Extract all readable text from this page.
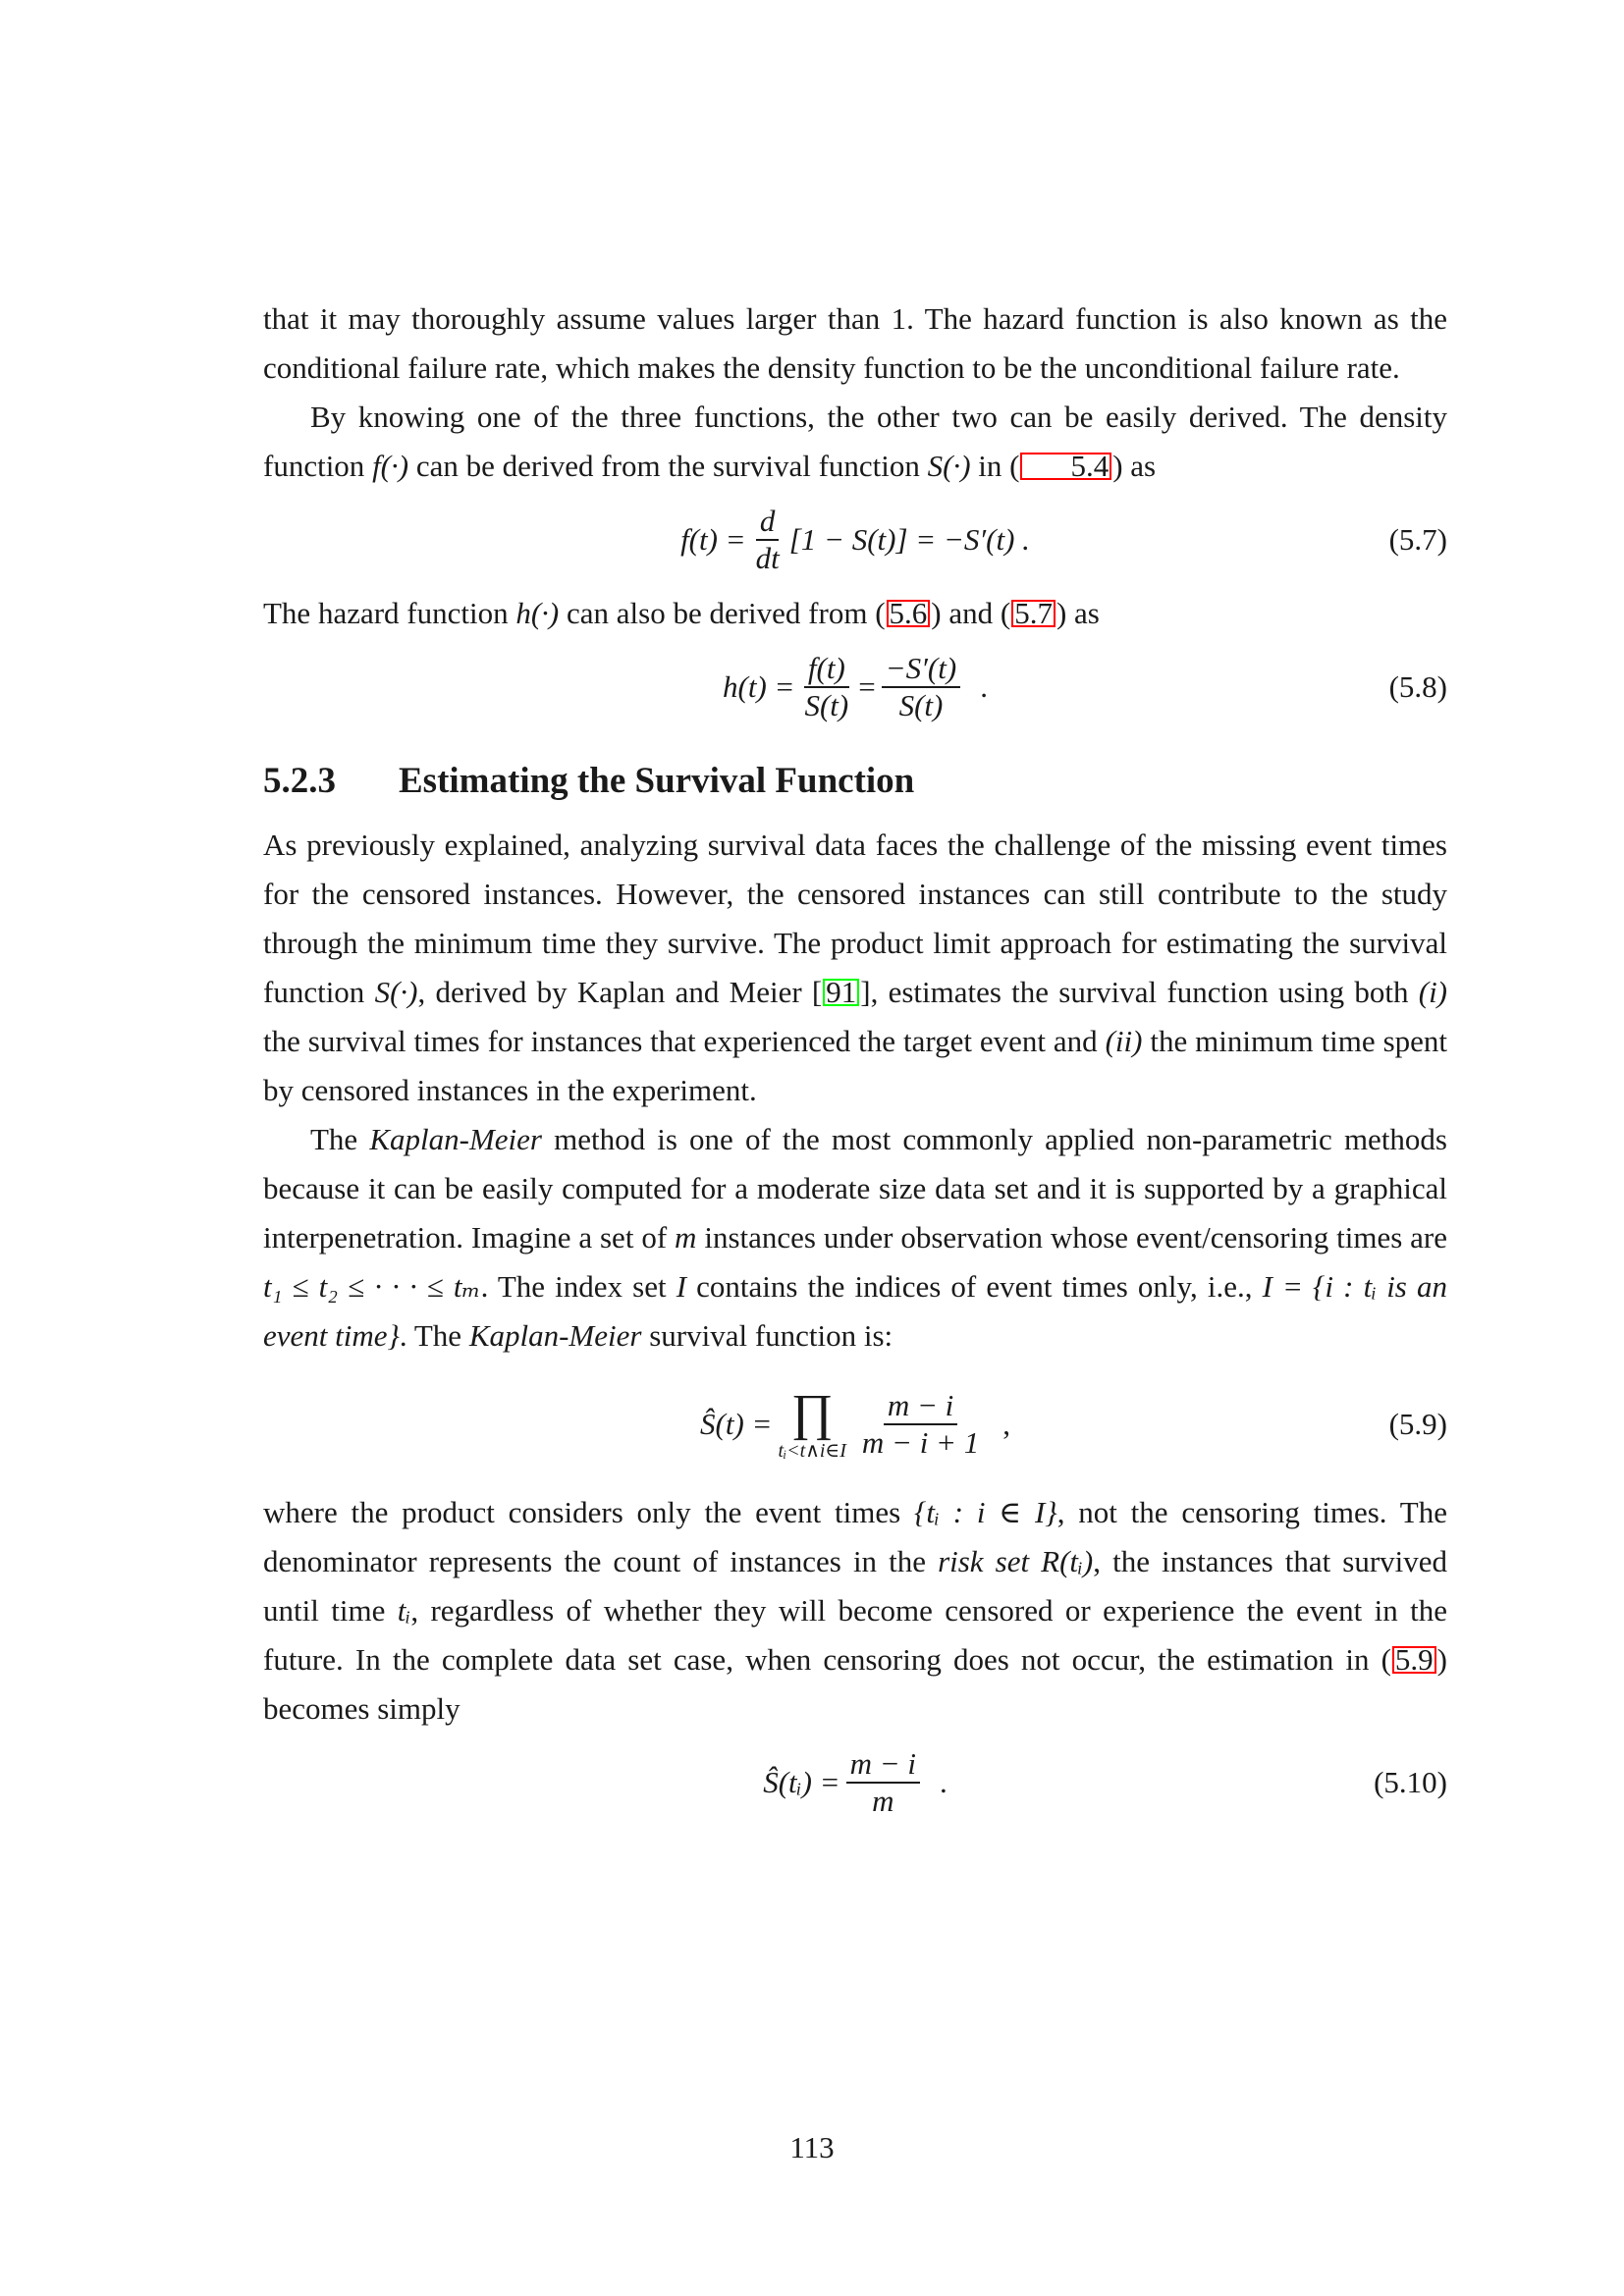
that it may thoroughly assume values larger than 1. The hazard function is also known as the conditional failure rate, which makes the density function to be the unconditional failure rate.

By knowing one of the three functions, the other two can be easily derived. The density function f(·) can be derived from the survival function S(·) in ( 5.4 ) as

$f(t) = \frac{d}{dt} [1 - S(t)] = -S'(t)$ .	(5.7)

The hazard function h(·) can also be derived from ( 5.6 ) and ( 5.7 ) as

$h(t) = \frac{f(t)}{S(t)} = \frac{-S'(t)}{S(t)}$ .	(5.8)
5.2.3 Estimating the Survival Function

As previously explained, analyzing survival data faces the challenge of the missing event times for the censored instances. However, the censored instances can still contribute to the study through the minimum time they survive. The product limit approach for estimating the survival function S(·), derived by Kaplan and Meier [ 91 ], estimates the survival function using both (i) the survival times for instances that experienced the target event and (ii) the minimum time spent by censored instances in the experiment.

The Kaplan-Meier method is one of the most commonly applied non-parametric methods because it can be easily computed for a moderate size data set and it is supported by a graphical interpenetration. Imagine a set of m instances under observation whose event/censoring times are t₁ ≤ t₂ ≤ · · · ≤ tₘ. The index set I contains the indices of event times only, i.e., I = {i : tᵢ is an event time}. The Kaplan-Meier survival function is:

Ŝ(t) = ∏
tᵢ<t∧i∈I $\frac{m - i}{m - i + 1}$ ,	(5.9)

where the product considers only the event times {tᵢ : i ∈ I}, not the censoring times. The denominator represents the count of instances in the risk set R(tᵢ), the instances that survived until time tᵢ, regardless of whether they will become censored or experience the event in the future. In the complete data set case, when censoring does not occur, the estimation in ( 5.9 ) becomes simply

Ŝ(tᵢ) = $\frac{m - i}{m}$ .	(5.10)
113
